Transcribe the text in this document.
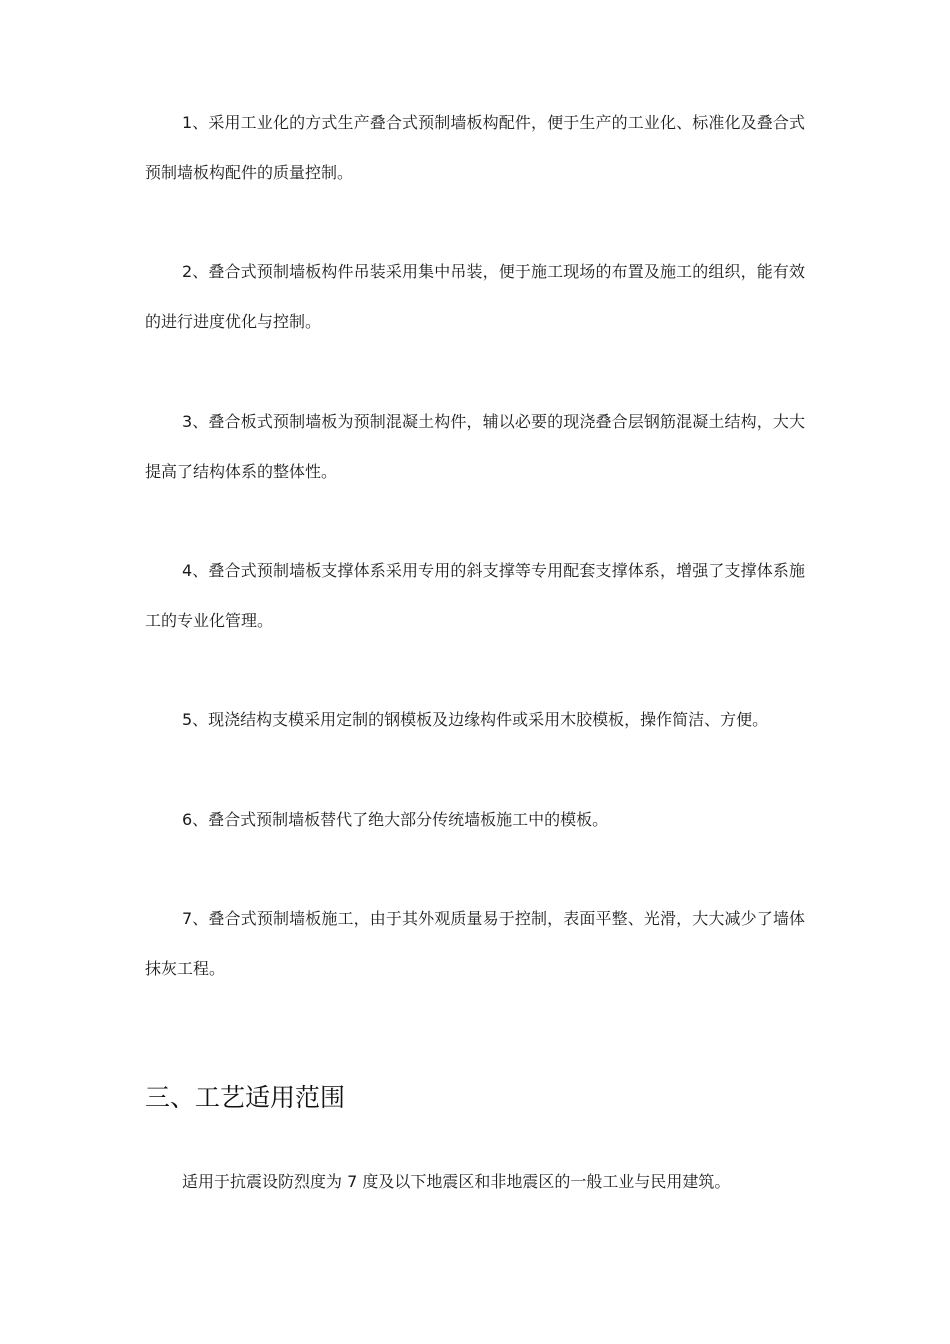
1、采用工业化的方式生产叠合式预制墙板构配件，便于生产的工业化、标准化及叠合式预制墙板构配件的质量控制。

2、叠合式预制墙板构件吊装采用集中吊装，便于施工现场的布置及施工的组织，能有效的进行进度优化与控制。

3、叠合板式预制墙板为预制混凝土构件，辅以必要的现浇叠合层钢筋混凝土结构，大大提高了结构体系的整体性。

4、叠合式预制墙板支撑体系采用专用的斜支撑等专用配套支撑体系，增强了支撑体系施工的专业化管理。

5、现浇结构支模采用定制的钢模板及边缘构件或采用木胶模板，操作简洁、方便。

6、叠合式预制墙板替代了绝大部分传统墙板施工中的模板。

7、叠合式预制墙板施工，由于其外观质量易于控制，表面平整、光滑，大大减少了墙体抹灰工程。

三、工艺适用范围

适用于抗震设防烈度为 7 度及以下地震区和非地震区的一般工业与民用建筑。
